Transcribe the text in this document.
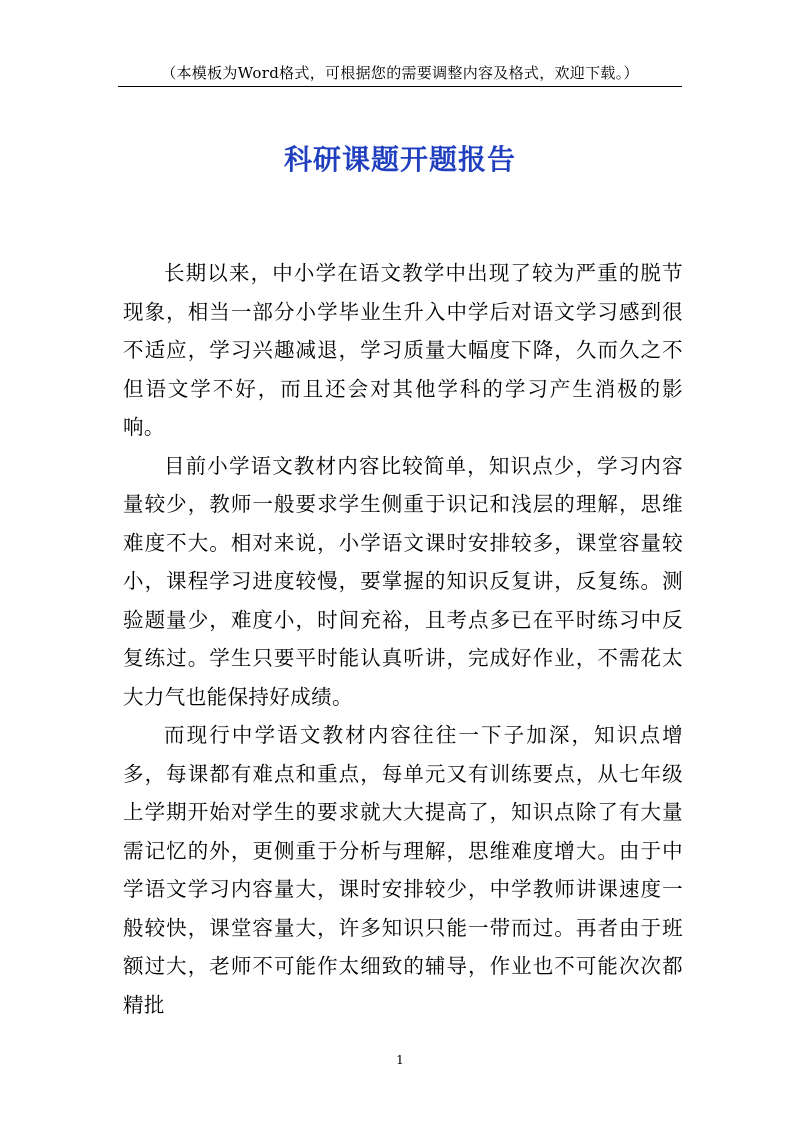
（本模板为Word格式，可根据您的需要调整内容及格式，欢迎下载。）
科研课题开题报告

长期以来，中小学在语文教学中出现了较为严重的脱节现象，相当一部分小学毕业生升入中学后对语文学习感到很不适应，学习兴趣减退，学习质量大幅度下降，久而久之不但语文学不好，而且还会对其他学科的学习产生消极的影响。

目前小学语文教材内容比较简单，知识点少，学习内容量较少，教师一般要求学生侧重于识记和浅层的理解，思维难度不大。相对来说，小学语文课时安排较多，课堂容量较小，课程学习进度较慢，要掌握的知识反复讲，反复练。测验题量少，难度小，时间充裕，且考点多已在平时练习中反复练过。学生只要平时能认真听讲，完成好作业，不需花太大力气也能保持好成绩。

而现行中学语文教材内容往往一下子加深，知识点增多，每课都有难点和重点，每单元又有训练要点，从七年级上学期开始对学生的要求就大大提高了，知识点除了有大量需记忆的外，更侧重于分析与理解，思维难度增大。由于中学语文学习内容量大，课时安排较少，中学教师讲课速度一般较快，课堂容量大，许多知识只能一带而过。再者由于班额过大，老师不可能作太细致的辅导，作业也不可能次次都精批

1
